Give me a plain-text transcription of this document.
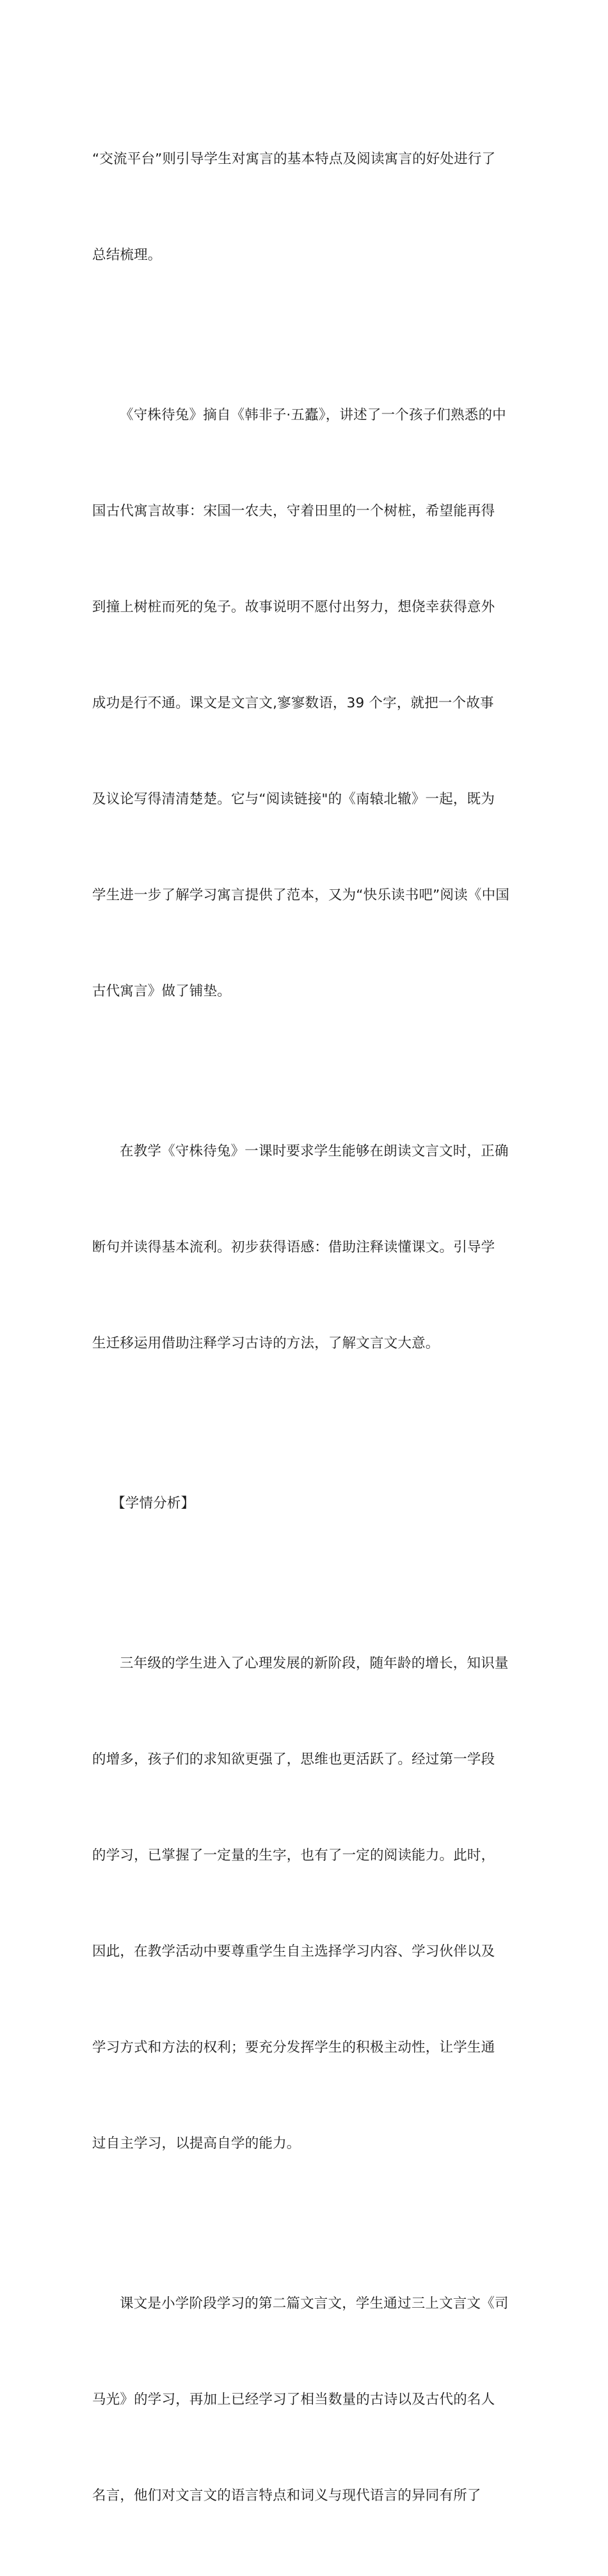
“交流平台”则引导学生对寓言的基本特点及阅读寓言的好处进行了

总结梳理。

《守株待兔》摘自《韩非子·五蠹》，讲述了一个孩子们熟悉的中

国古代寓言故事：宋国一农夫，守着田里的一个树桩，希望能再得

到撞上树桩而死的兔子。故事说明不愿付出努力，想侥幸获得意外

成功是行不通。课文是文言文,寥寥数语，39 个字，就把一个故事

及议论写得清清楚楚。它与“阅读链接"的《南辕北辙》一起，既为

学生进一步了解学习寓言提供了范本，又为“快乐读书吧”阅读《中国

古代寓言》做了铺垫。

在教学《守株待兔》一课时要求学生能够在朗读文言文时，正确

断句并读得基本流利。初步获得语感：借助注释读懂课文。引导学

生迁移运用借助注释学习古诗的方法，了解文言文大意。

【学情分析】

三年级的学生进入了心理发展的新阶段，随年龄的增长，知识量

的增多，孩子们的求知欲更强了，思维也更活跃了。经过第一学段

的学习，已掌握了一定量的生字，也有了一定的阅读能力。此时，

因此，在教学活动中要尊重学生自主选择学习内容、学习伙伴以及

学习方式和方法的权利；要充分发挥学生的积极主动性，让学生通

过自主学习，以提高自学的能力。

课文是小学阶段学习的第二篇文言文，学生通过三上文言文《司

马光》的学习，再加上已经学习了相当数量的古诗以及古代的名人

名言，他们对文言文的语言特点和词义与现代语言的异同有所了
